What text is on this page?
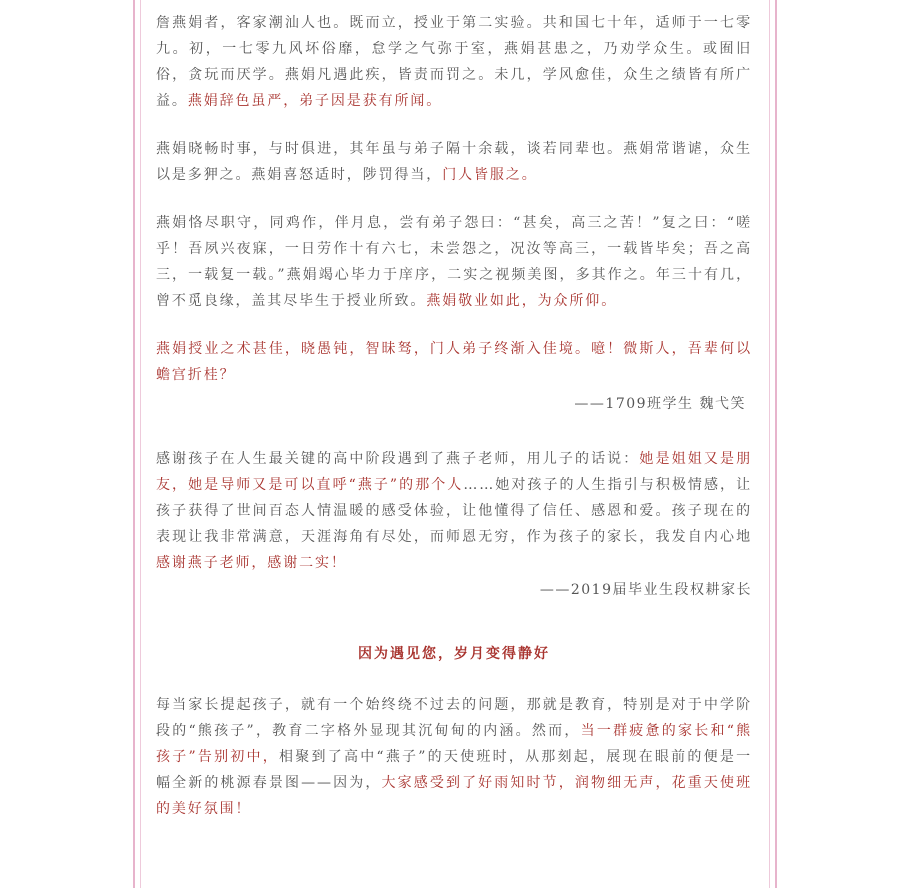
詹燕娟者，客家潮汕人也。既而立，授业于第二实验。共和国七十年，适师于一七零九。初，一七零九风坏俗靡，怠学之气弥于室，燕娟甚患之，乃劝学众生。或囿旧俗，贪玩而厌学。燕娟凡遇此疾，皆责而罚之。未几，学风愈佳，众生之绩皆有所广益。燕娟辞色虽严，弟子因是获有所闻。

燕娟晓畅时事，与时俱进，其年虽与弟子隔十余载，谈若同辈也。燕娟常谐谑，众生以是多狎之。燕娟喜怒适时，陟罚得当，门人皆服之。

燕娟恪尽职守，同鸡作，伴月息，尝有弟子怨曰：“甚矣，高三之苦！”复之曰：“嗟乎！吾夙兴夜寐，一日劳作十有六七，未尝怨之，况汝等高三，一载皆毕矣；吾之高三，一载复一载。”燕娟竭心毕力于庠序，二实之视频美图，多其作之。年三十有几，曾不觅良缘，盖其尽毕生于授业所致。燕娟敬业如此，为众所仰。

燕娟授业之术甚佳，晓愚钝，智昧驽，门人弟子终渐入佳境。噫！微斯人，吾辈何以蟾宫折桂？

——1709班学生 魏弋笑

感谢孩子在人生最关键的高中阶段遇到了燕子老师，用儿子的话说：她是姐姐又是朋友，她是导师又是可以直呼“燕子”的那个人……她对孩子的人生指引与积极情感，让孩子获得了世间百态人情温暖的感受体验，让他懂得了信任、感恩和爱。孩子现在的表现让我非常满意，天涯海角有尽处，而师恩无穷，作为孩子的家长，我发自内心地感谢燕子老师，感谢二实！

——2019届毕业生段权耕家长
因为遇见您，岁月变得静好

每当家长提起孩子，就有一个始终绕不过去的问题，那就是教育，特别是对于中学阶段的“熊孩子”，教育二字格外显现其沉甸甸的内涵。然而，当一群疲惫的家长和“熊孩子”告别初中，相聚到了高中“燕子”的天使班时，从那刻起，展现在眼前的便是一幅全新的桃源春景图——因为，大家感受到了好雨知时节，润物细无声，花重天使班的美好氛围！
